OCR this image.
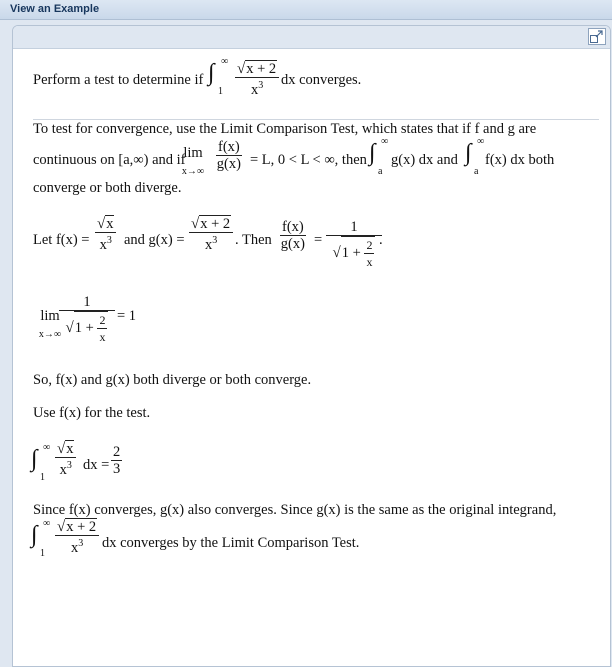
View an Example
Perform a test to determine if ∫ ∞
$1 \frac{√x + 2}{x^3}$ dx converges.
To test for convergence, use the Limit Comparison Test, which states that if f and g are
continuous on [a,∞) and if
lim
$x\to\infty \frac{f(x)}{g(x)} = L$, 0 < L < ∞, then ∫ ∞
a
g(x) dx and ∫ ∞
a
f(x) dx both
converge or both diverge.
Let $f(x) = \frac{√x}{x^3}$ and $g(x) = \frac{√x + 2}{x^3}$ . Then $\frac{f(x)}{g(x)} = \frac{1}{√1 + \frac{2}{x}}$
.
lim
x→∞
$\frac{1}{√1 + \frac{2}{x}} = 1$
So, f(x) and g(x) both diverge or both converge.
Use f(x) for the test.
∫ ∞
$1 \frac{√x}{x^3}$ dx = $\frac{2}{3}$
Since f(x) converges, g(x) also converges. Since g(x) is the same as the original integrand,
∫ ∞
$1 \frac{√x + 2}{x^3}$ dx converges by the Limit Comparison Test.
